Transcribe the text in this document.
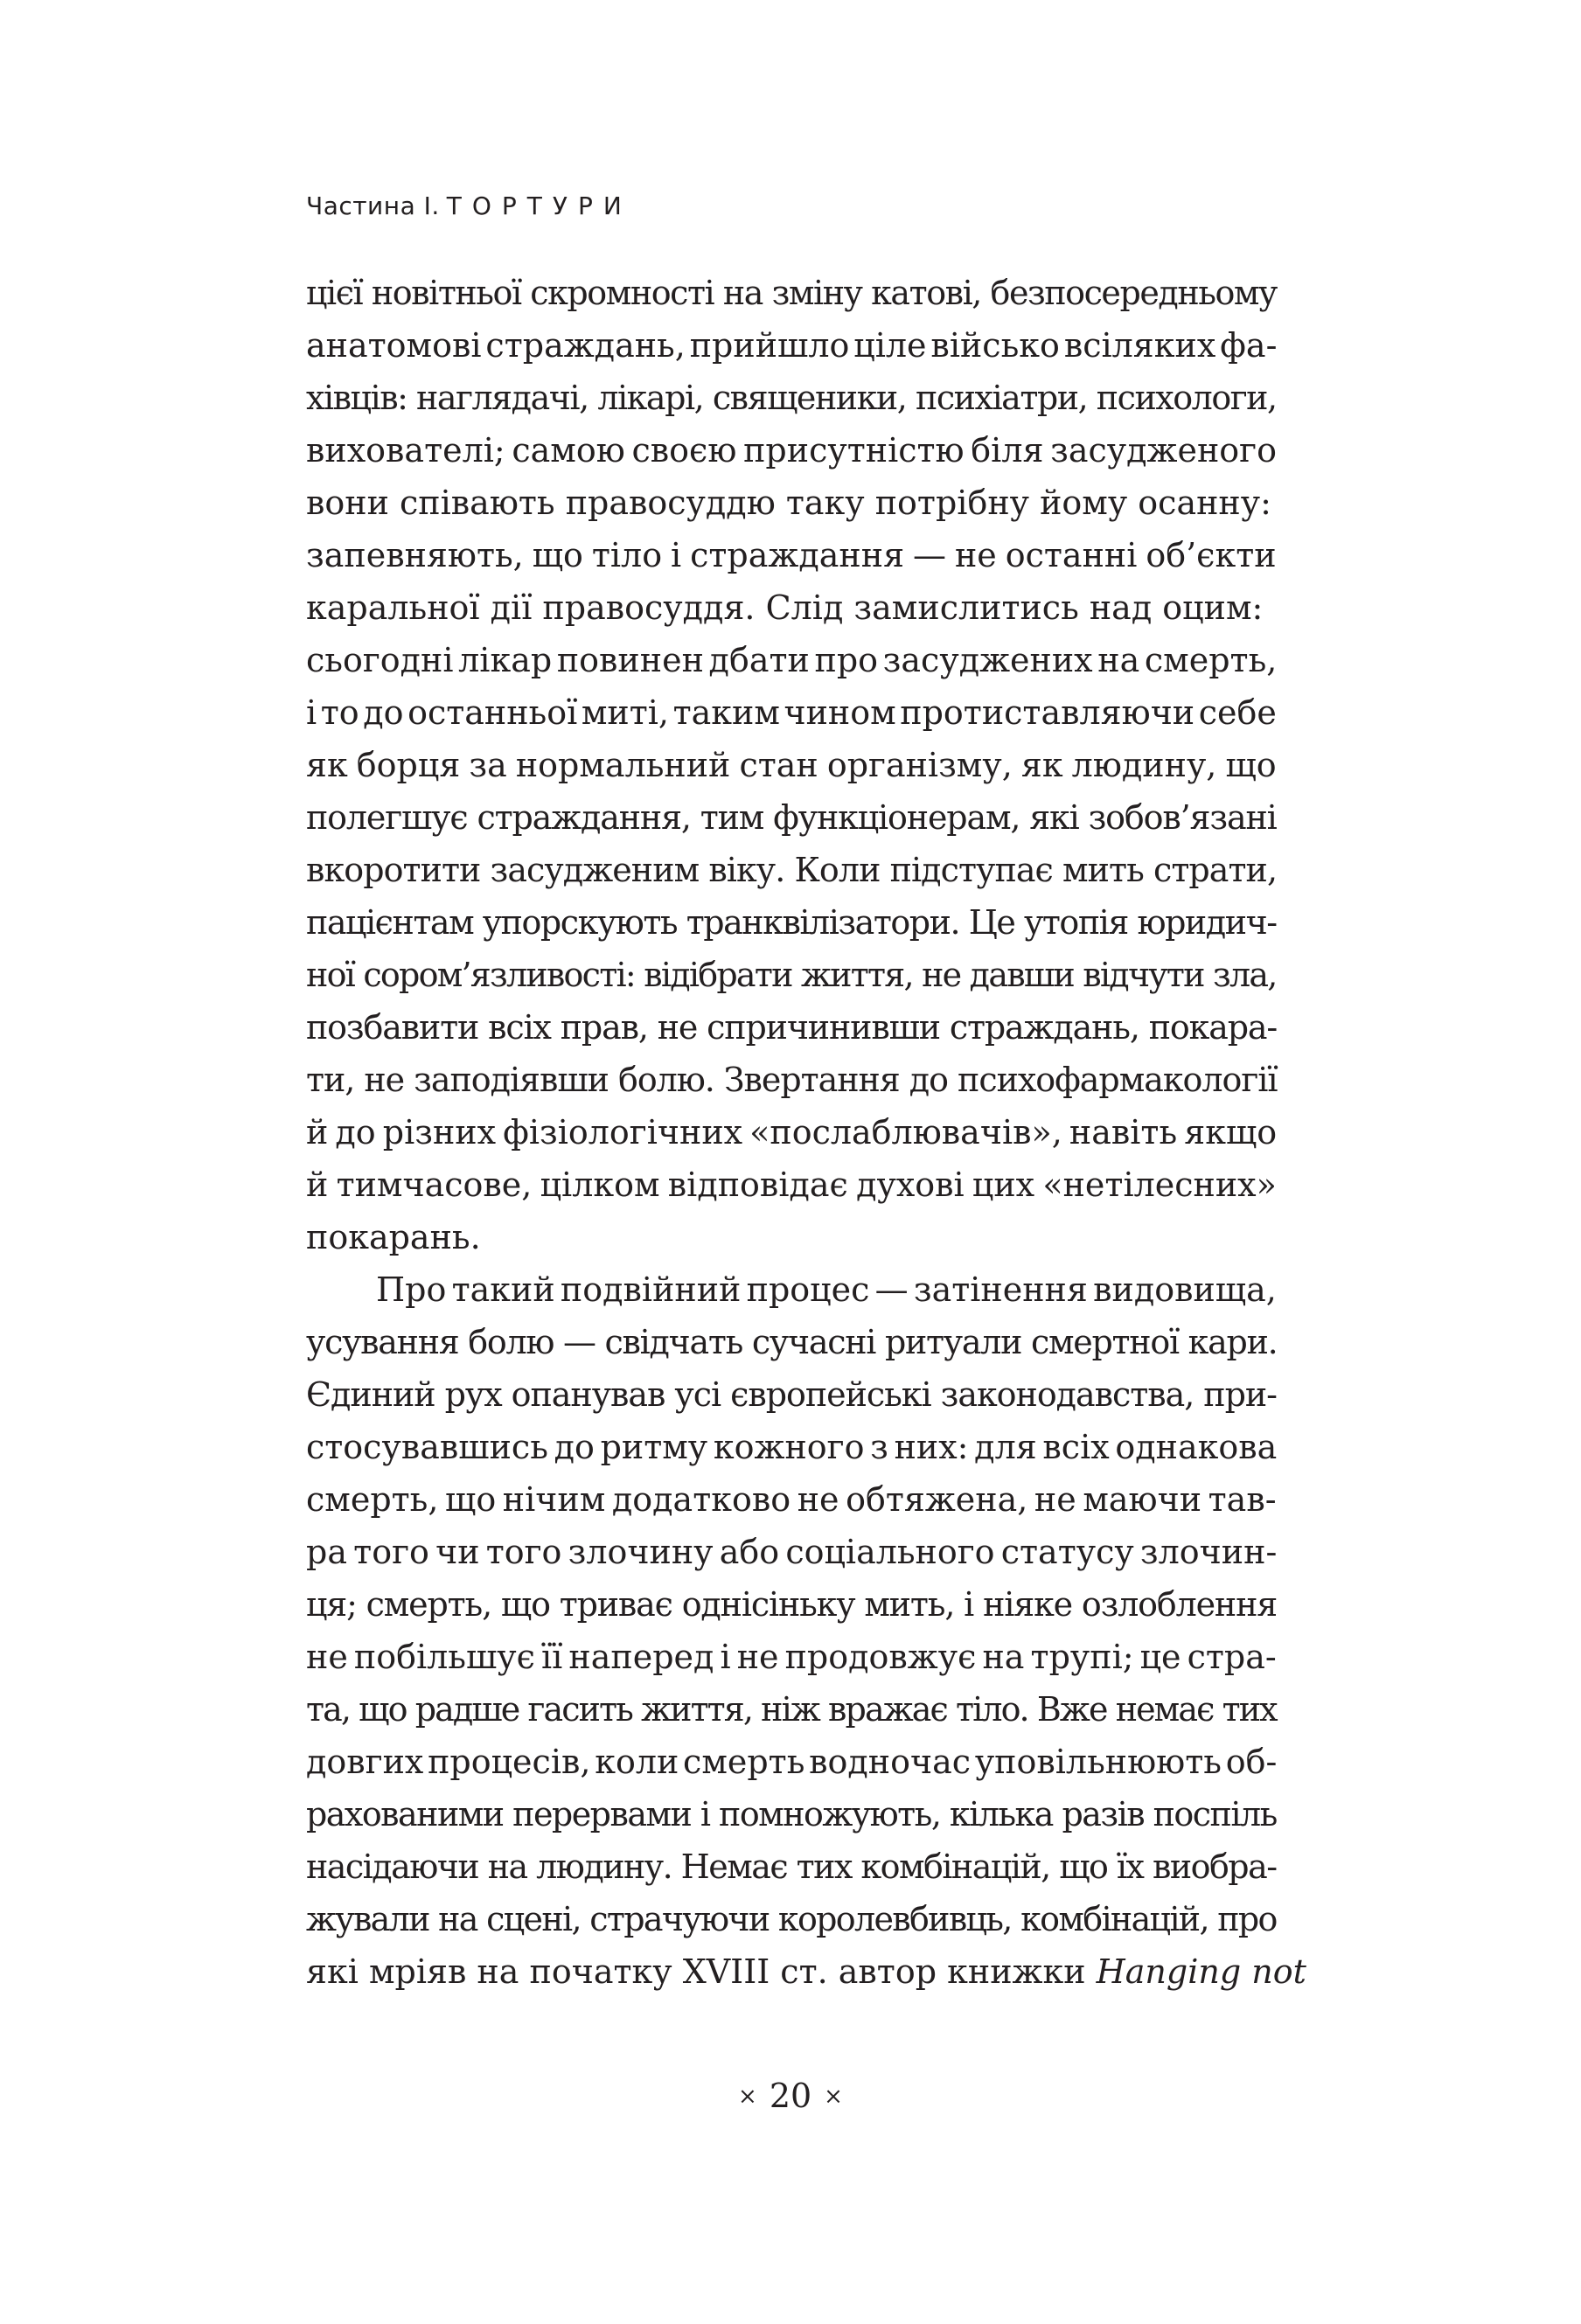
Частина І. ТОРТУРИ
цієї новітньої скромності на зміну катові, безпосередньому
анатомові страждань, прийшло ціле військо всіляких фа-
хівців: наглядачі, лікарі, священики, психіатри, психологи,
вихователі; самою своєю присутністю біля засудженого
вони співають правосуддю таку потрібну йому осанну:
запевняють, що тіло і страждання — не останні об’єкти
каральної дії правосуддя. Слід замислитись над оцим:
сьогодні лікар повинен дбати про засуджених на смерть,
і то до останньої миті, таким чином протиставляючи себе
як борця за нормальний стан організму, як людину, що
полегшує страждання, тим функціонерам, які зобов’язані
вкоротити засудженим віку. Коли підступає мить страти,
пацієнтам упорскують транквілізатори. Це утопія юридич-
ної сором’язливості: відібрати життя, не давши відчути зла,
позбавити всіх прав, не спричинивши страждань, покара-
ти, не заподіявши болю. Звертання до психофармакології
й до різних фізіологічних «послаблювачів», навіть якщо
й тимчасове, цілком відповідає духові цих «нетілесних»
покарань.
Про такий подвійний процес — затінення видовища,
усування болю — свідчать сучасні ритуали смертної кари.
Єдиний рух опанував усі європейські законодавства, при-
стосувавшись до ритму кожного з них: для всіх однакова
смерть, що нічим додатково не обтяжена, не маючи тав-
ра того чи того злочину або соціального статусу злочин-
ця; смерть, що триває однісіньку мить, і ніяке озлоблення
не побільшує її наперед і не продовжує на трупі; це стра-
та, що радше гасить життя, ніж вражає тіло. Вже немає тих
довгих процесів, коли смерть водночас уповільнюють об-
рахованими перервами і помножують, кілька разів поспіль
насідаючи на людину. Немає тих комбінацій, що їх виобра-
жували на сцені, страчуючи королевбивць, комбінацій, про
які мріяв на початку XVIII ст. автор книжки Hanging not
× 20 ×
